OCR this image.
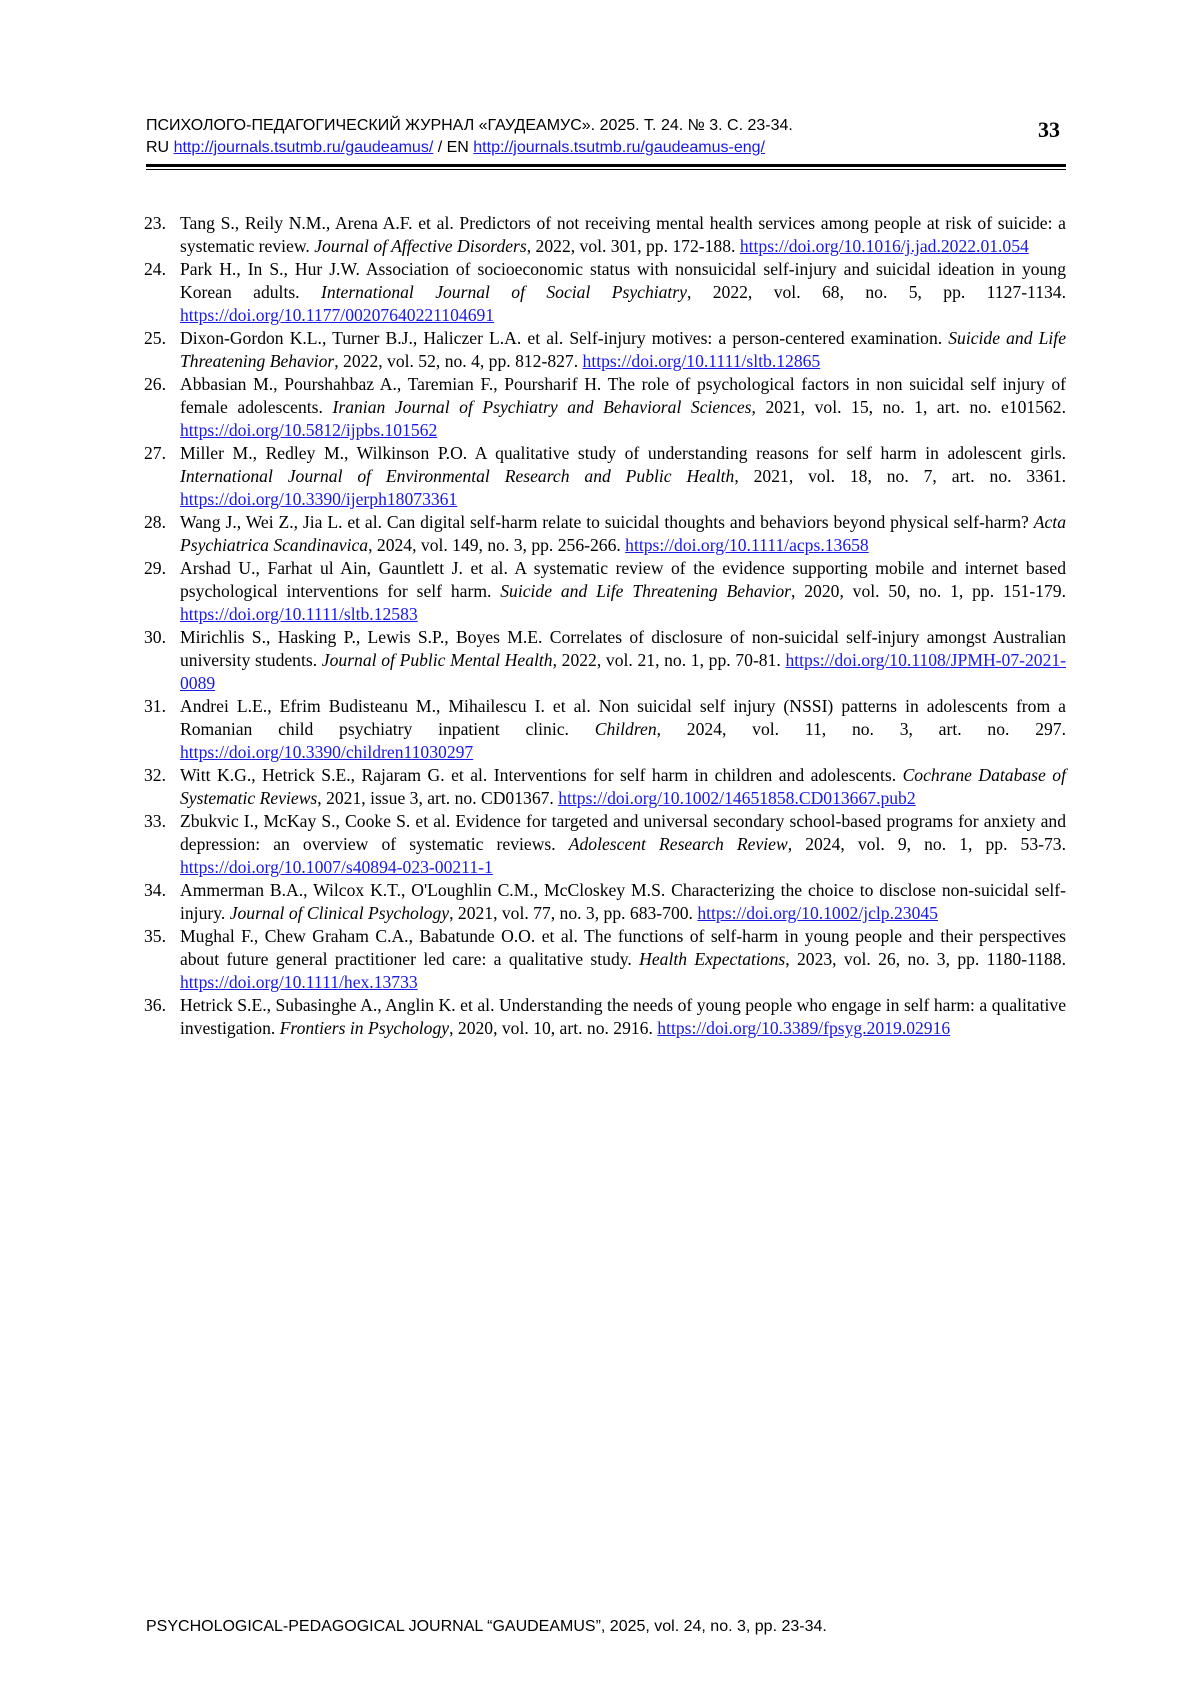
ПСИХОЛОГО-ПЕДАГОГИЧЕСКИЙ ЖУРНАЛ «ГАУДЕАМУС». 2025. Т. 24. № 3. С. 23-34.
RU http://journals.tsutmb.ru/gaudeamus/ / EN http://journals.tsutmb.ru/gaudeamus-eng/
33
23. Tang S., Reily N.M., Arena A.F. et al. Predictors of not receiving mental health services among people at risk of suicide: a systematic review. Journal of Affective Disorders, 2022, vol. 301, pp. 172-188. https://doi.org/10.1016/j.jad.2022.01.054
24. Park H., In S., Hur J.W. Association of socioeconomic status with nonsuicidal self-injury and suicidal ideation in young Korean adults. International Journal of Social Psychiatry, 2022, vol. 68, no. 5, pp. 1127-1134. https://doi.org/10.1177/00207640221104691
25. Dixon-Gordon K.L., Turner B.J., Haliczer L.A. et al. Self-injury motives: a person-centered examination. Suicide and Life Threatening Behavior, 2022, vol. 52, no. 4, pp. 812-827. https://doi.org/10.1111/sltb.12865
26. Abbasian M., Pourshahbaz A., Taremian F., Poursharif H. The role of psychological factors in non suicidal self injury of female adolescents. Iranian Journal of Psychiatry and Behavioral Sciences, 2021, vol. 15, no. 1, art. no. e101562. https://doi.org/10.5812/ijpbs.101562
27. Miller M., Redley M., Wilkinson P.O. A qualitative study of understanding reasons for self harm in adolescent girls. International Journal of Environmental Research and Public Health, 2021, vol. 18, no. 7, art. no. 3361. https://doi.org/10.3390/ijerph18073361
28. Wang J., Wei Z., Jia L. et al. Can digital self-harm relate to suicidal thoughts and behaviors beyond physical self-harm? Acta Psychiatrica Scandinavica, 2024, vol. 149, no. 3, pp. 256-266. https://doi.org/10.1111/acps.13658
29. Arshad U., Farhat ul Ain, Gauntlett J. et al. A systematic review of the evidence supporting mobile and internet based psychological interventions for self harm. Suicide and Life Threatening Behavior, 2020, vol. 50, no. 1, pp. 151-179. https://doi.org/10.1111/sltb.12583
30. Mirichlis S., Hasking P., Lewis S.P., Boyes M.E. Correlates of disclosure of non-suicidal self-injury amongst Australian university students. Journal of Public Mental Health, 2022, vol. 21, no. 1, pp. 70-81. https://doi.org/10.1108/JPMH-07-2021-0089
31. Andrei L.E., Efrim Budisteanu M., Mihailescu I. et al. Non suicidal self injury (NSSI) patterns in adolescents from a Romanian child psychiatry inpatient clinic. Children, 2024, vol. 11, no. 3, art. no. 297. https://doi.org/10.3390/children11030297
32. Witt K.G., Hetrick S.E., Rajaram G. et al. Interventions for self harm in children and adolescents. Cochrane Database of Systematic Reviews, 2021, issue 3, art. no. CD01367. https://doi.org/10.1002/14651858.CD013667.pub2
33. Zbukvic I., McKay S., Cooke S. et al. Evidence for targeted and universal secondary school-based programs for anxiety and depression: an overview of systematic reviews. Adolescent Research Review, 2024, vol. 9, no. 1, pp. 53-73. https://doi.org/10.1007/s40894-023-00211-1
34. Ammerman B.A., Wilcox K.T., O'Loughlin C.M., McCloskey M.S. Characterizing the choice to disclose non-suicidal self-injury. Journal of Clinical Psychology, 2021, vol. 77, no. 3, pp. 683-700. https://doi.org/10.1002/jclp.23045
35. Mughal F., Chew Graham C.A., Babatunde O.O. et al. The functions of self-harm in young people and their perspectives about future general practitioner led care: a qualitative study. Health Expectations, 2023, vol. 26, no. 3, pp. 1180-1188. https://doi.org/10.1111/hex.13733
36. Hetrick S.E., Subasinghe A., Anglin K. et al. Understanding the needs of young people who engage in self harm: a qualitative investigation. Frontiers in Psychology, 2020, vol. 10, art. no. 2916. https://doi.org/10.3389/fpsyg.2019.02916
PSYCHOLOGICAL-PEDAGOGICAL JOURNAL “GAUDEAMUS”, 2025, vol. 24, no. 3, pp. 23-34.
